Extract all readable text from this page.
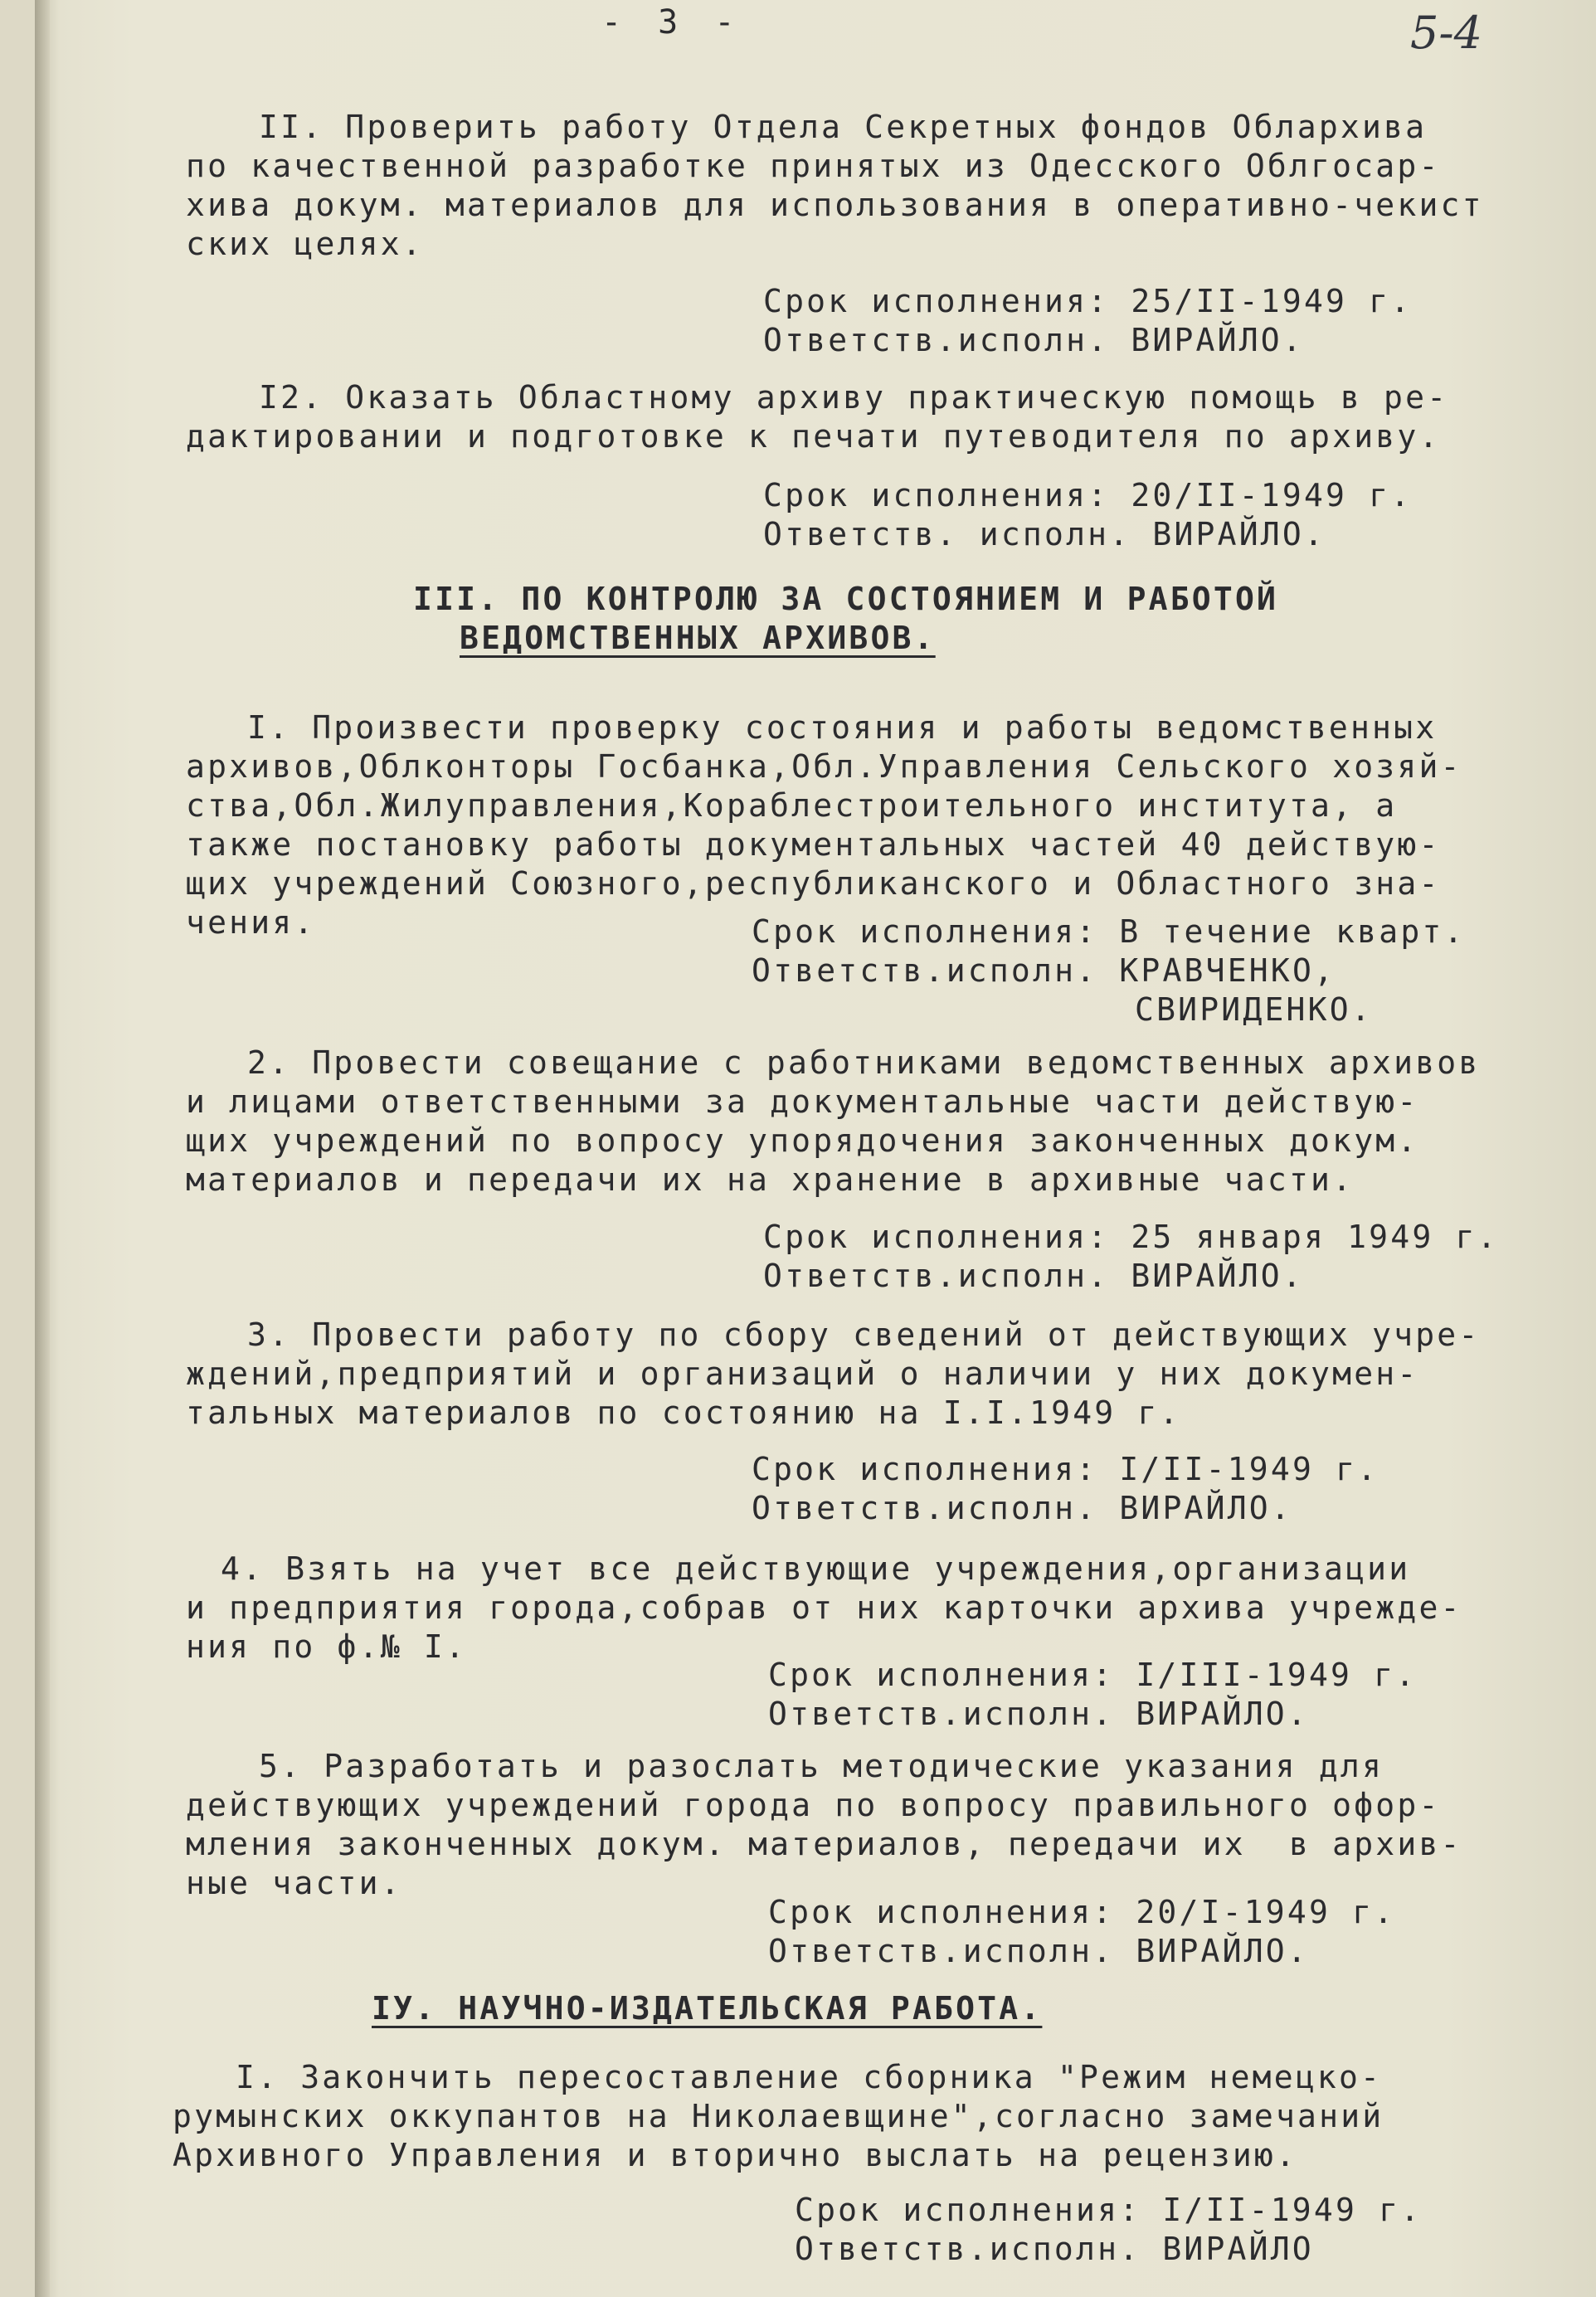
- 3 -	5-4

II. Проверить работу Отдела Секретных фондов Облархива

по качественной разработке принятых из Одесского Облгосар-

хива докум. материалов для использования в оперативно-чекист

ских целях.

Срок исполнения: 25/II-1949 г.

Ответств.исполн. ВИРАЙЛО.

I2. Оказать Областному архиву практическую помощь в ре-

дактировании и подготовке к печати путеводителя по архиву.

Срок исполнения: 20/II-1949 г.

Ответств. исполн. ВИРАЙЛО.

III. ПО КОНТРОЛЮ ЗА СОСТОЯНИЕМ И РАБОТОЙ

ВЕДОМСТВЕННЫХ АРХИВОВ.

I. Произвести проверку состояния и работы ведомственных

архивов,Облконторы Госбанка,Обл.Управления Сельского хозяй-

ства,Обл.Жилуправления,Кораблестроительного института, а

также постановку работы документальных частей 40 действую-

щих учреждений Союзного,республиканского и Областного зна-

чения.	Срок исполнения: В течение кварт.

Ответств.исполн. КРАВЧЕНКО,

СВИРИДЕНКО.

2. Провести совещание с работниками ведомственных архивов

и лицами ответственными за документальные части действую-

щих учреждений по вопросу упорядочения законченных докум.

материалов и передачи их на хранение в архивные части.

Срок исполнения: 25 января 1949 г.

Ответств.исполн. ВИРАЙЛО.

3. Провести работу по сбору сведений от действующих учре-

ждений,предприятий и организаций о наличии у них докумен-

тальных материалов по состоянию на I.I.1949 г.

Срок исполнения: I/II-1949 г.

Ответств.исполн. ВИРАЙЛО.

4. Взять на учет все действующие учреждения,организации

и предприятия города,собрав от них карточки архива учрежде-

ния по ф.№ I.

Срок исполнения: I/III-1949 г.

Ответств.исполн. ВИРАЙЛО.

5. Разработать и разослать методические указания для

действующих учреждений города по вопросу правильного офор-

мления законченных докум. материалов, передачи их  в архив-

ные части.

Срок исполнения: 20/I-1949 г.

Ответств.исполн. ВИРАЙЛО.

IУ. НАУЧНО-ИЗДАТЕЛЬСКАЯ РАБОТА.

I. Закончить пересоставление сборника "Режим немецко-

румынских оккупантов на Николаевщине",согласно замечаний

Архивного Управления и вторично выслать на рецензию.

Срок исполнения: I/II-1949 г.

Ответств.исполн. ВИРАЙЛО
